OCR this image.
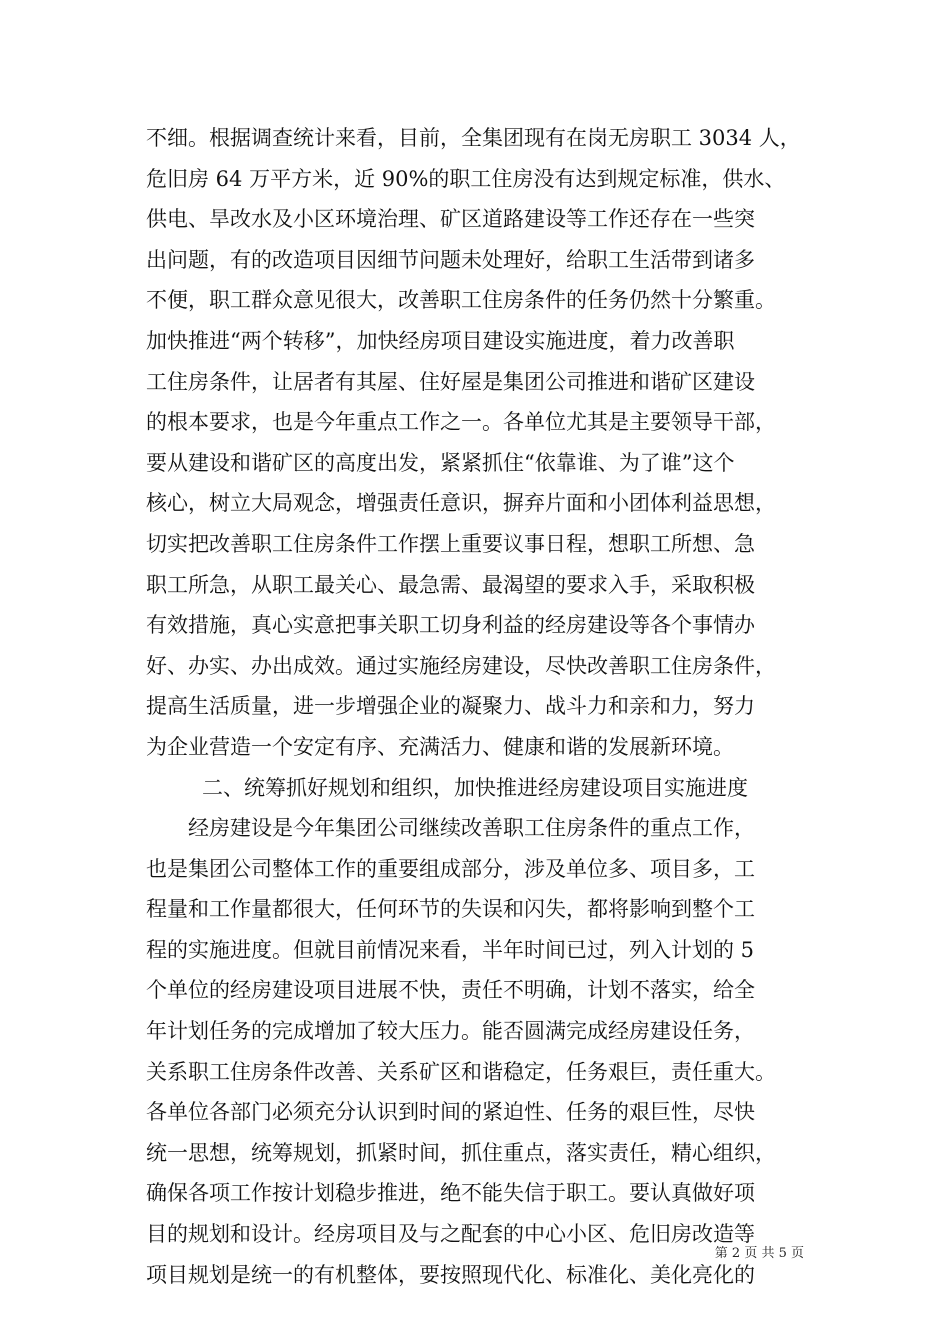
不细。根据调查统计来看，目前，全集团现有在岗无房职工 3034 人，
危旧房 64 万平方米，近 90%的职工住房没有达到规定标准，供水、
供电、旱改水及小区环境治理、矿区道路建设等工作还存在一些突
出问题，有的改造项目因细节问题未处理好，给职工生活带到诸多
不便，职工群众意见很大，改善职工住房条件的任务仍然十分繁重。
加快推进“两个转移”，加快经房项目建设实施进度，着力改善职
工住房条件，让居者有其屋、住好屋是集团公司推进和谐矿区建设
的根本要求，也是今年重点工作之一。各单位尤其是主要领导干部，
要从建设和谐矿区的高度出发，紧紧抓住“依靠谁、为了谁”这个
核心，树立大局观念，增强责任意识，摒弃片面和小团体利益思想，
切实把改善职工住房条件工作摆上重要议事日程，想职工所想、急
职工所急，从职工最关心、最急需、最渴望的要求入手，采取积极
有效措施，真心实意把事关职工切身利益的经房建设等各个事情办
好、办实、办出成效。通过实施经房建设，尽快改善职工住房条件，
提高生活质量，进一步增强企业的凝聚力、战斗力和亲和力，努力
为企业营造一个安定有序、充满活力、健康和谐的发展新环境。
二、统筹抓好规划和组织，加快推进经房建设项目实施进度
经房建设是今年集团公司继续改善职工住房条件的重点工作，
也是集团公司整体工作的重要组成部分，涉及单位多、项目多，工
程量和工作量都很大，任何环节的失误和闪失，都将影响到整个工
程的实施进度。但就目前情况来看，半年时间已过，列入计划的 5
个单位的经房建设项目进展不快，责任不明确，计划不落实，给全
年计划任务的完成增加了较大压力。能否圆满完成经房建设任务，
关系职工住房条件改善、关系矿区和谐稳定，任务艰巨，责任重大。
各单位各部门必须充分认识到时间的紧迫性、任务的艰巨性，尽快
统一思想，统筹规划，抓紧时间，抓住重点，落实责任，精心组织，
确保各项工作按计划稳步推进，绝不能失信于职工。要认真做好项
目的规划和设计。经房项目及与之配套的中心小区、危旧房改造等
项目规划是统一的有机整体，要按照现代化、标准化、美化亮化的
第 2 页 共 5 页
